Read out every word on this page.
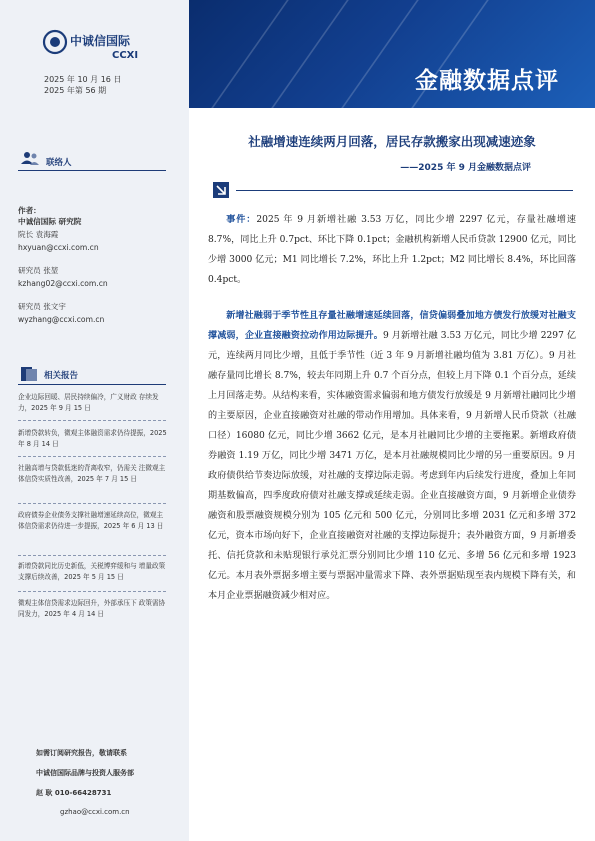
金融数据点评
中诚信国际
CCXI
2025 年 10 月 16 日
2025 年第 56 期
联络人
作者：
中诚信国际 研究院
院长 袁海霞
hxyuan@ccxi.com.cn
研究员 张堃
kzhang02@ccxi.com.cn
研究员 张文宇
wyzhang@ccxi.com.cn
相关报告
企业边际回暖、居民持续偏冷，广义财政 存续发力，2025 年 9 月 15 日
新增贷款转负，微观主体融资需求仍待提振，2025 年 8 月 14 日
社融高增与贷款低迷的背离收窄，仍需关 注微观主体信贷实质性改善，2025 年 7 月 15 日
政府债券企业债务支撑社融增速延续高位，微观主体信贷需求仍待进一步提振，2025 年 6 月 13 日
新增贷款同比历史新低，关税博弈缓和与 增量政策支撑后续改善，2025 年 5 月 15 日
微观主体信贷需求边际回升，外部承压下 政策需协同发力，2025 年 4 月 14 日
如需订阅研究报告，敬请联系
中诚信国际品牌与投资人服务部
赵 耿 010-66428731
gzhao@ccxi.com.cn
社融增速连续两月回落，居民存款搬家出现减速迹象
——2025 年 9 月金融数据点评
事件：2025 年 9 月新增社融 3.53 万亿，同比少增 2297 亿元，存量社融增速 8.7%，同比上升 0.7pct、环比下降 0.1pct；金融机构新增人民币贷款 12900 亿元，同比少增 3000 亿元；M1 同比增长 7.2%，环比上升 1.2pct；M2 同比增长 8.4%，环比回落 0.4pct。
新增社融弱于季节性且存量社融增速延续回落，信贷偏弱叠加地方债发行放缓对社融支撑减弱，企业直接融资拉动作用边际提升。9 月新增社融 3.53 万亿元，同比少增 2297 亿元，连续两月同比少增，且低于季节性（近 3 年 9 月新增社融均值为 3.81 万亿）。9 月社融存量同比增长 8.7%，较去年同期上升 0.7 个百分点，但较上月下降 0.1 个百分点，延续上月回落走势。从结构来看，实体融资需求偏弱和地方债发行放缓是 9 月新增社融同比少增的主要原因，企业直接融资对社融的带动作用增加。具体来看，9 月新增人民币贷款（社融口径）16080 亿元，同比少增 3662 亿元，是本月社融同比少增的主要拖累。新增政府债券融资 1.19 万亿，同比少增 3471 万亿，是本月社融规模同比少增的另一重要原因。9 月政府债供给节奏边际放缓，对社融的支撑边际走弱。考虑到年内后续发行进度，叠加上年同期基数偏高，四季度政府债对社融支撑或延续走弱。企业直接融资方面，9 月新增企业债券融资和股票融资规模分别为 105 亿元和 500 亿元，分别同比多增 2031 亿元和多增 372 亿元，资本市场向好下，企业直接融资对社融的支撑边际提升；表外融资方面，9 月新增委托、信托贷款和未贴现银行承兑汇票分别同比少增 110 亿元、多增 56 亿元和多增 1923 亿元。本月表外票据多增主要与票据冲量需求下降、表外票据贴现至表内规模下降有关，和本月企业票据融资减少相对应。
